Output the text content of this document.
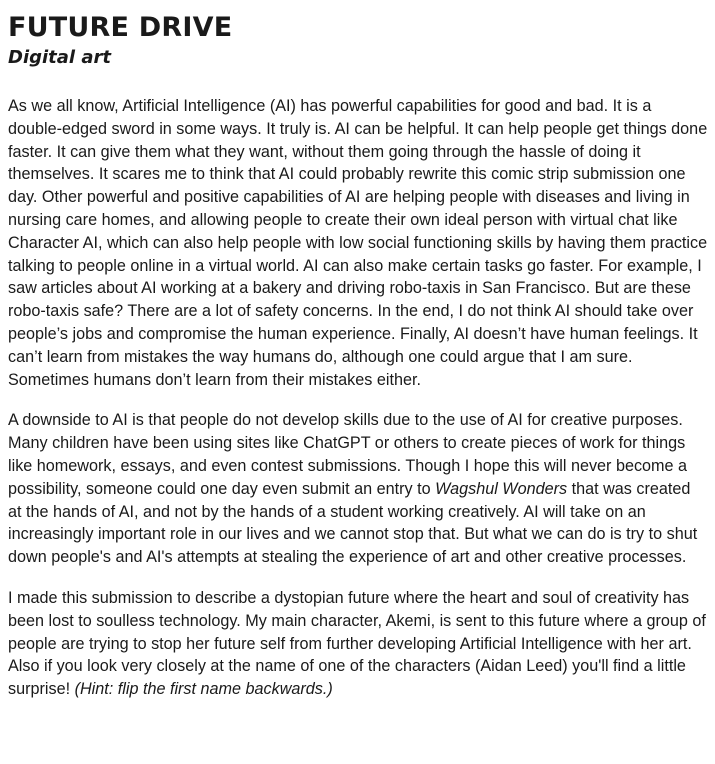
FUTURE DRIVE
Digital art

As we all know, Artificial Intelligence (AI) has powerful capabilities for good and bad. It is a double-edged sword in some ways. It truly is. AI can be helpful. It can help people get things done faster. It can give them what they want, without them going through the hassle of doing it themselves. It scares me to think that AI could probably rewrite this comic strip submission one day. Other powerful and positive capabilities of AI are helping people with diseases and living in nursing care homes, and allowing people to create their own ideal person with virtual chat like Character AI, which can also help people with low social functioning skills by having them practice talking to people online in a virtual world. AI can also make certain tasks go faster. For example, I saw articles about AI working at a bakery and driving robo-taxis in San Francisco. But are these robo-taxis safe? There are a lot of safety concerns. In the end, I do not think AI should take over people’s jobs and compromise the human experience. Finally, AI doesn’t have human feelings. It can’t learn from mistakes the way humans do, although one could argue that I am sure. Sometimes humans don’t learn from their mistakes either.

A downside to AI is that people do not develop skills due to the use of AI for creative purposes. Many children have been using sites like ChatGPT or others to create pieces of work for things like homework, essays, and even contest submissions. Though I hope this will never become a possibility, someone could one day even submit an entry to Wagshul Wonders that was created at the hands of AI, and not by the hands of a student working creatively. AI will take on an increasingly important role in our lives and we cannot stop that. But what we can do is try to shut down people's and AI's attempts at stealing the experience of art and other creative processes.

I made this submission to describe a dystopian future where the heart and soul of creativity has been lost to soulless technology. My main character, Akemi, is sent to this future where a group of people are trying to stop her future self from further developing Artificial Intelligence with her art. Also if you look very closely at the name of one of the characters (Aidan Leed) you'll find a little surprise! (Hint: flip the first name backwards.)
